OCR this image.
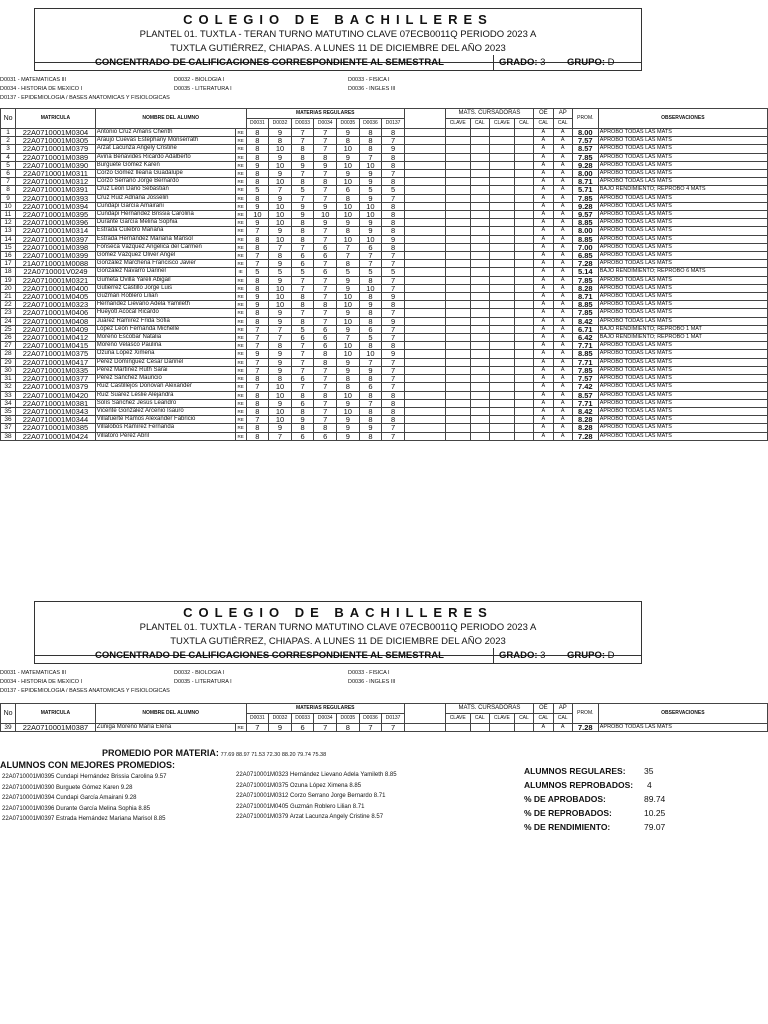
COLEGIO DE BACHILLERES
PLANTEL 01. TUXTLA - TERAN TURNO MATUTINO CLAVE 07ECB0011Q PERIODO 2023 A
TUXTLA GUTIÉRREZ, CHIAPAS. A LUNES 11 DE DICIEMBRE DEL AÑO 2023
CONCENTRADO DE CALIFICACIONES CORRESPONDIENTE AL SEMESTRAL	GRADO: 3 GRUPO: D
D0031 - MATEMATICAS III	D0032 - BIOLOGIA I	D0033 - FISICA I
D0034 - HISTORIA DE MEXICO I	D0035 - LITERATURA I	D0036 - INGLES III
D0137 - EPIDEMIOLOGIA / BASES ANATOMICAS Y FISIOLOGICAS
No	MATRICULA	NOMBRE DEL ALUMNO		MATERIAS REGULARES								MATS. CURSADORAS				OE	AP	PROM.	OBSERVACIONES
				D0031	D0032	D0033	D0034	D0035	D0036	D0137		CLAVE	CAL	CLAVE	CAL	CAL	CAL		
1	22A0710001M0304	Antonio Cruz Amaris Cherith	RE	8	9	7	7	9	8	8						A	A	8.00	APROBO TODAS LAS MATS
2	22A0710001M0305	Araujo Cuevas Estephany Monserrath	RE	8	8	7	7	8	8	7						A	A	7.57	APROBO TODAS LAS MATS
3	22A0710001M0379	Arzat Lacunza Angely Cristine	RE	8	10	8	7	10	8	9						A	A	8.57	APROBO TODAS LAS MATS
4	22A0710001M0389	Aviña Benavides Ricardo Adalberto	RE	8	9	8	8	9	7	8						A	A	7.85	APROBO TODAS LAS MATS
5	22A0710001M0390	Burguete Gómez Karen	RE	9	10	9	9	10	10	8						A	A	9.28	APROBO TODAS LAS MATS
6	22A0710001M0311	Corzo Gómez Ileana Guadalupe	RE	8	9	7	7	9	9	7						A	A	8.00	APROBO TODAS LAS MATS
7	22A0710001M0312	Corzo Serrano Jorge Bernardo	RE	8	10	8	8	10	9	8						A	A	8.71	APROBO TODAS LAS MATS
8	22A0710001M0391	Cruz León Dario Sebastian	RE	5	7	5	7	6	5	5						A	A	5.71	BAJO RENDIMIENTO; REPROBO 4 MATS
9	22A0710001M0393	Cruz Ruiz Adriana Josselin	RE	8	9	7	7	8	9	7						A	A	7.85	APROBO TODAS LAS MATS
10	22A0710001M0394	Cundapi García Amairani	RE	9	10	9	9	10	10	8						A	A	9.28	APROBO TODAS LAS MATS
11	22A0710001M0395	Cundapi Hernández Brissia Carolina	RE	10	10	9	10	10	10	8						A	A	9.57	APROBO TODAS LAS MATS
12	22A0710001M0396	Durante García Melina Sophia	RE	9	10	8	9	9	9	8						A	A	8.85	APROBO TODAS LAS MATS
13	22A0710001M0314	Estrada Culebro Mariana	RE	7	9	8	7	8	9	8						A	A	8.00	APROBO TODAS LAS MATS
14	22A0710001M0397	Estrada Hernández Mariana Marisol	RE	8	10	8	7	10	10	9						A	A	8.85	APROBO TODAS LAS MATS
15	22A0710001M0398	Fonseca Vázquez Angelica del Carmen	RE	8	7	7	6	7	6	8						A	A	7.00	APROBO TODAS LAS MATS
16	22A0710001M0399	Gómez Vázquez Oliver Angel	RE	7	8	6	6	7	7	7						A	A	6.85	APROBO TODAS LAS MATS
17	21A0710001M0088	González Marchena Francisco Javier	RE	7	9	6	7	8	7	7						A	A	7.28	APROBO TODAS LAS MATS
18	22A0710001V0249	González Navarro Darinel	IE	5	5	5	6	5	5	5						A	A	5.14	BAJO RENDIMIENTO; REPROBO 6 MATS
19	22A0710001M0321	Gumeta Ovilla Yareli Abigail	RE	8	9	7	7	9	8	7						A	A	7.85	APROBO TODAS LAS MATS
20	22A0710001M0400	Gutiérrez Castillo Jorge Luis	RE	8	10	7	7	9	10	7						A	A	8.28	APROBO TODAS LAS MATS
21	22A0710001M0405	Guzmán Roblero Lilian	RE	9	10	8	7	10	8	9						A	A	8.71	APROBO TODAS LAS MATS
22	22A0710001M0323	Hernández Lievano Adela Yamileth	RE	9	10	8	8	10	9	8						A	A	8.85	APROBO TODAS LAS MATS
23	22A0710001M0406	Hueyotl Acocal Ricardo	RE	8	9	7	7	9	8	7						A	A	7.85	APROBO TODAS LAS MATS
24	22A0710001M0408	Juárez Ramírez Frida Sofia	RE	8	9	8	7	10	8	9						A	A	8.42	APROBO TODAS LAS MATS
25	22A0710001M0409	López León Fernanda Michelle	RE	7	7	5	6	9	6	7						A	A	6.71	BAJO RENDIMIENTO; REPROBO 1 MAT
26	22A0710001M0412	Moreno Escobar Natalia	RE	7	7	6	6	7	5	7						A	A	6.42	BAJO RENDIMIENTO; REPROBO 1 MAT
27	22A0710001M0415	Moreno Velasco Paulina	RE	7	8	7	6	10	8	8						A	A	7.71	APROBO TODAS LAS MATS
28	22A0710001M0375	Ozuna López Ximena	RE	9	9	7	8	10	10	9						A	A	8.85	APROBO TODAS LAS MATS
29	22A0710001M0417	Pérez Domínguez César Darinel	RE	7	9	7	8	9	7	7						A	A	7.71	APROBO TODAS LAS MATS
30	22A0710001M0335	Pérez Martínez Ruth Sarai	RE	7	9	7	7	9	9	7						A	A	7.85	APROBO TODAS LAS MATS
31	22A0710001M0377	Pérez Sánchez Mauricio	RE	8	8	6	7	8	8	7						A	A	7.57	APROBO TODAS LAS MATS
32	22A0710001M0379	Ruiz Castillejos Donovan Alexander	RE	7	10	7	7	8	6	7						A	A	7.42	APROBO TODAS LAS MATS
33	22A0710001M0420	Ruiz Suárez Leslie Alejandra	RE	8	10	8	8	10	8	8						A	A	8.57	APROBO TODAS LAS MATS
34	22A0710001M0381	Solís Sánchez Jesús Leandro	RE	8	9	6	7	9	7	8						A	A	7.71	APROBO TODAS LAS MATS
35	22A0710001M0343	Vicente González Arcenio Isauro	RE	8	10	8	7	10	8	8						A	A	8.42	APROBO TODAS LAS MATS
36	22A0710001M0344	Villafuerte Ramos Alexander Fabricio	RE	7	10	9	7	9	8	8						A	A	8.28	APROBO TODAS LAS MATS
37	22A0710001M0385	Villalobos Ramírez Fernanda	RE	8	9	8	8	9	9	7						A	A	8.28	APROBO TODAS LAS MATS
38	22A0710001M0424	Villatoro Pérez Abril	RE	8	7	6	6	9	8	7						A	A	7.28	APROBO TODAS LAS MATS
COLEGIO DE BACHILLERES
PLANTEL 01. TUXTLA - TERAN TURNO MATUTINO CLAVE 07ECB0011Q PERIODO 2023 A
TUXTLA GUTIÉRREZ, CHIAPAS. A LUNES 11 DE DICIEMBRE DEL AÑO 2023
CONCENTRADO DE CALIFICACIONES CORRESPONDIENTE AL SEMESTRAL	GRADO: 3 GRUPO: D
D0031 - MATEMATICAS III	D0032 - BIOLOGIA I	D0033 - FISICA I
D0034 - HISTORIA DE MEXICO I	D0035 - LITERATURA I	D0036 - INGLES III
D0137 - EPIDEMIOLOGIA / BASES ANATOMICAS Y FISIOLOGICAS
No	MATRICULA	NOMBRE DEL ALUMNO		MATERIAS REGULARES								MATS. CURSADORAS				OE	AP	PROM.	OBSERVACIONES
				D0031	D0032	D0033	D0034	D0035	D0036	D0137		CLAVE	CAL	CLAVE	CAL	CAL	CAL		
39	22A0710001M0387	Zúñiga Moreno María Elena	RE	7	9	6	7	8	7	7						A	A	7.28	APROBO TODAS LAS MATS
PROMEDIO POR MATERIA: 77.69 88.97 71.53 72.30 88.20 79.74 75.38
ALUMNOS CON MEJORES PROMEDIOS:
22A0710001M0395 Cundapi Hernández Brissia Carolina 9.57
22A0710001M0390 Burguete Gómez Karen 9.28
22A0710001M0394 Cundapi García Amairani 9.28
22A0710001M0396 Durante García Melina Sophia 8.85
22A0710001M0397 Estrada Hernández Mariana Marisol 8.85
22A0710001M0323 Hernández Lievano Adela Yamileth 8.85
22A0710001M0375 Ozuna López Ximena 8.85
22A0710001M0312 Corzo Serrano Jorge Bernardo 8.71
22A0710001M0405 Guzmán Roblero Lilian 8.71
22A0710001M0379 Arzat Lacunza Angely Cristine 8.57
ALUMNOS REGULARES: 35
ALUMNOS REPROBADOS: 4
% DE APROBADOS:	89.74
% DE REPROBADOS:	10.25
% DE RENDIMIENTO:	79.07
